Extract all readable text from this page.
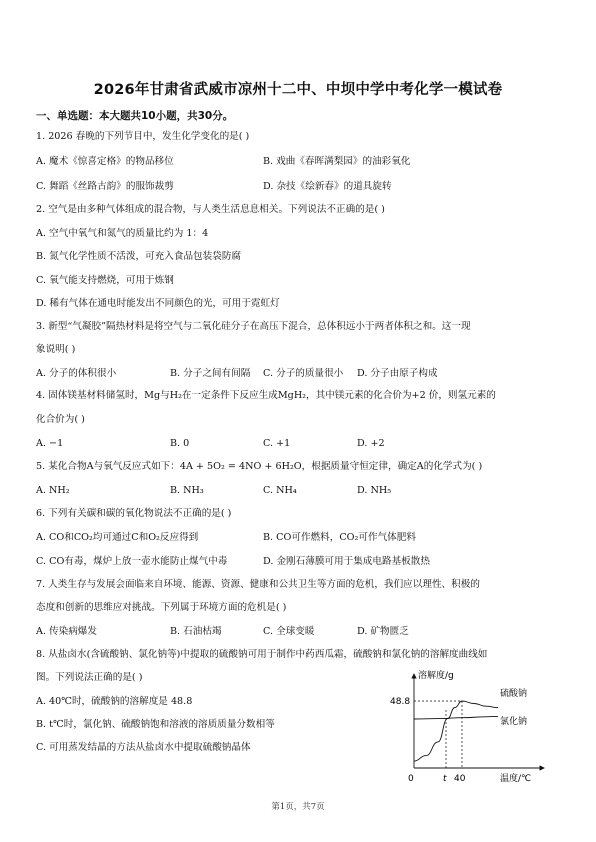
2026年甘肃省武威市凉州十二中、中坝中学中考化学一模试卷
一、单选题：本大题共10小题，共30分。
1. 2026 春晚的下列节目中，发生化学变化的是( )
A. 魔术《惊喜定格》的物品移位	B. 戏曲《春晖满梨园》的油彩氧化
C. 舞蹈《丝路古韵》的服饰裁剪	D. 杂技《绘新春》的道具旋转
2. 空气是由多种气体组成的混合物，与人类生活息息相关。下列说法不正确的是( )
A. 空气中氧气和氮气的质量比约为 1：4
B. 氮气化学性质不活泼，可充入食品包装袋防腐
C. 氧气能支持燃烧，可用于炼钢
D. 稀有气体在通电时能发出不同颜色的光，可用于霓虹灯
3. 新型“气凝胶”隔热材料是将空气与二氧化硅分子在高压下混合，总体积远小于两者体积之和。这一现
象说明( )
A. 分子的体积很小	B. 分子之间有间隔 C. 分子的质量很小 D. 分子由原子构成
4. 固体镁基材料储氢时，Mg与H₂在一定条件下反应生成MgH₂，其中镁元素的化合价为+2 价，则氢元素的
化合价为( )
A. −1	B. 0	C. +1	D. +2
5. 某化合物A与氧气反应式如下：4A + 5O₂ = 4NO + 6H₂O，根据质量守恒定律，确定A的化学式为( )
A. NH₂	B. NH₃	C. NH₄	D. NH₅
6. 下列有关碳和碳的氧化物说法不正确的是( )
A. CO和CO₂均可通过C和O₂反应得到	B. CO可作燃料，CO₂可作气体肥料
C. CO有毒，煤炉上放一壶水能防止煤气中毒	D. 金刚石薄膜可用于集成电路基板散热
7. 人类生存与发展会面临来自环境、能源、资源、健康和公共卫生等方面的危机，我们应以理性、积极的
态度和创新的思维应对挑战。下列属于环境方面的危机是( )
A. 传染病爆发	B. 石油枯竭	C. 全球变暖	D. 矿物匮乏
8. 从盐卤水(含硫酸钠、氯化钠等)中提取的硫酸钠可用于制作中药西瓜霜，硫酸钠和氯化钠的溶解度曲线如
图。下列说法正确的是( )
A. 40℃时，硫酸钠的溶解度是 48.8
B. t℃时，氯化钠、硫酸钠饱和溶液的溶质质量分数相等
C. 可用蒸发结晶的方法从盐卤水中提取硫酸钠晶体
溶解度/g
温度/℃
48.8
0	t 40
硫酸钠
氯化钠
第1页，共7页
